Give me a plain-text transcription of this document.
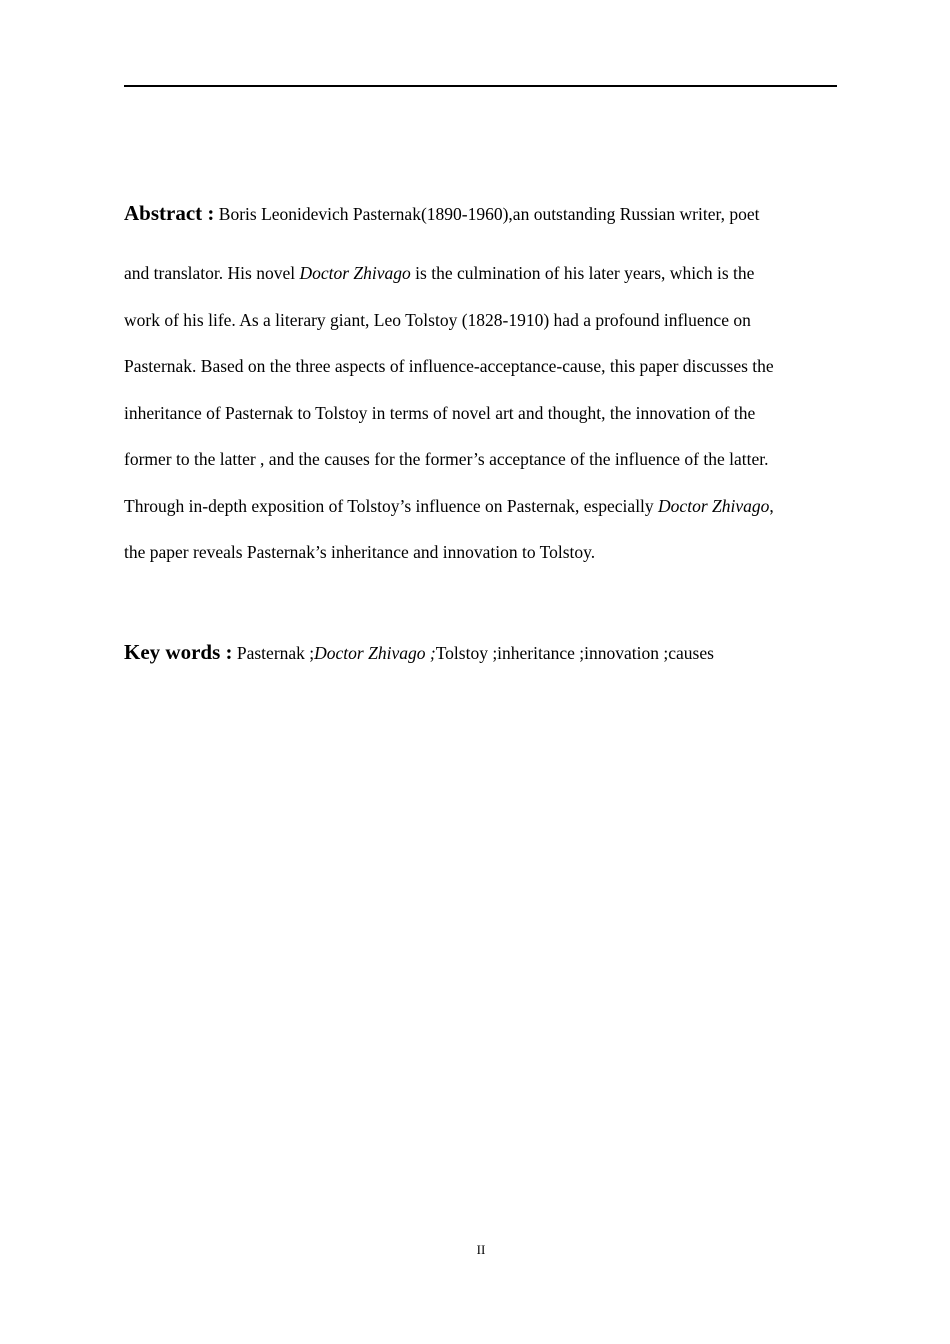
Abstract : Boris Leonidevich Pasternak(1890-1960),an outstanding Russian writer, poet
and translator. His novel Doctor Zhivago is the culmination of his later years, which is the
work of his life. As a literary giant, Leo Tolstoy (1828-1910) had a profound influence on
Pasternak. Based on the three aspects of influence-acceptance-cause, this paper discusses the
inheritance of Pasternak to Tolstoy in terms of novel art and thought, the innovation of the
former to the latter , and the causes for the former’s acceptance of the influence of the latter.
Through in-depth exposition of Tolstoy’s influence on Pasternak, especially Doctor Zhivago,
the paper reveals Pasternak’s inheritance and innovation to Tolstoy.
Key words : Pasternak ;Doctor Zhivago ;Tolstoy ;inheritance ;innovation ;causes
II
